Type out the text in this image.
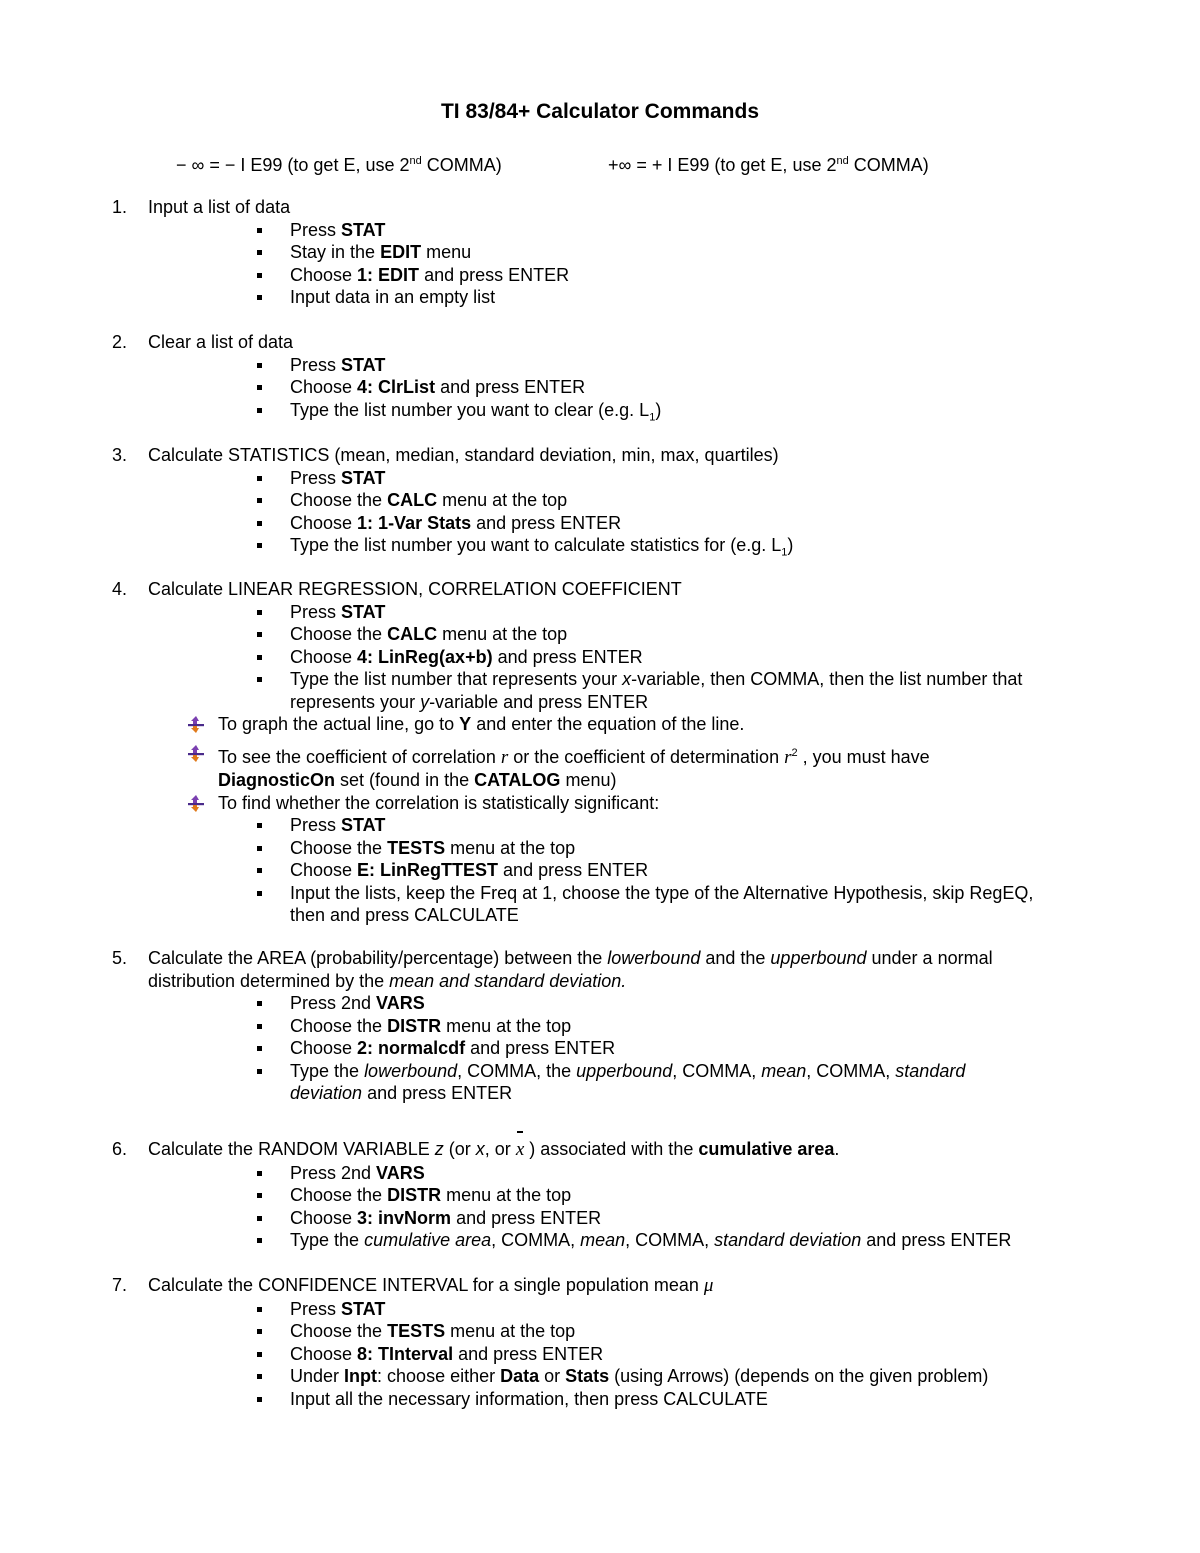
TI 83/84+ Calculator Commands
− ∞ = − I E99 (to get E, use 2nd COMMA)	+∞ = + I E99 (to get E, use 2nd COMMA)
1. Input a list of data
Press STAT
Stay in the EDIT menu
Choose 1: EDIT and press ENTER
Input data in an empty list
2. Clear a list of data
Press STAT
Choose 4: ClrList and press ENTER
Type the list number you want to clear (e.g. $L_1$)
3. Calculate STATISTICS (mean, median, standard deviation, min, max, quartiles)
Press STAT
Choose the CALC menu at the top
Choose 1: 1-Var Stats and press ENTER
Type the list number you want to calculate statistics for (e.g. $L_1$)
4. Calculate LINEAR REGRESSION, CORRELATION COEFFICIENT
Press STAT
Choose the CALC menu at the top
Choose 4: LinReg(ax+b) and press ENTER
Type the list number that represents your x-variable, then COMMA, then the list number that
represents your y-variable and press ENTER
To graph the actual line, go to Y and enter the equation of the line.
To see the coefficient of correlation r or the coefficient of determination $r^2$ , you must have
DiagnosticOn set (found in the CATALOG menu)
To find whether the correlation is statistically significant:
Press STAT
Choose the TESTS menu at the top
Choose E: LinRegTTEST and press ENTER
Input the lists, keep the Freq at 1, choose the type of the Alternative Hypothesis, skip RegEQ,
then and press CALCULATE
5. Calculate the AREA (probability/percentage) between the lowerbound and the upperbound under a normal
distribution determined by the mean and standard deviation.
Press 2nd VARS
Choose the DISTR menu at the top
Choose 2: normalcdf and press ENTER
Type the lowerbound, COMMA, the upperbound, COMMA, mean, COMMA, standard
deviation and press ENTER
6. Calculate the RANDOM VARIABLE z (or x, or x ) associated with the cumulative area.
Press 2nd VARS
Choose the DISTR menu at the top
Choose 3: invNorm and press ENTER
Type the cumulative area, COMMA, mean, COMMA, standard deviation and press ENTER
7. Calculate the CONFIDENCE INTERVAL for a single population mean μ
Press STAT
Choose the TESTS menu at the top
Choose 8: TInterval and press ENTER
Under Inpt: choose either Data or Stats (using Arrows) (depends on the given problem)
Input all the necessary information, then press CALCULATE
